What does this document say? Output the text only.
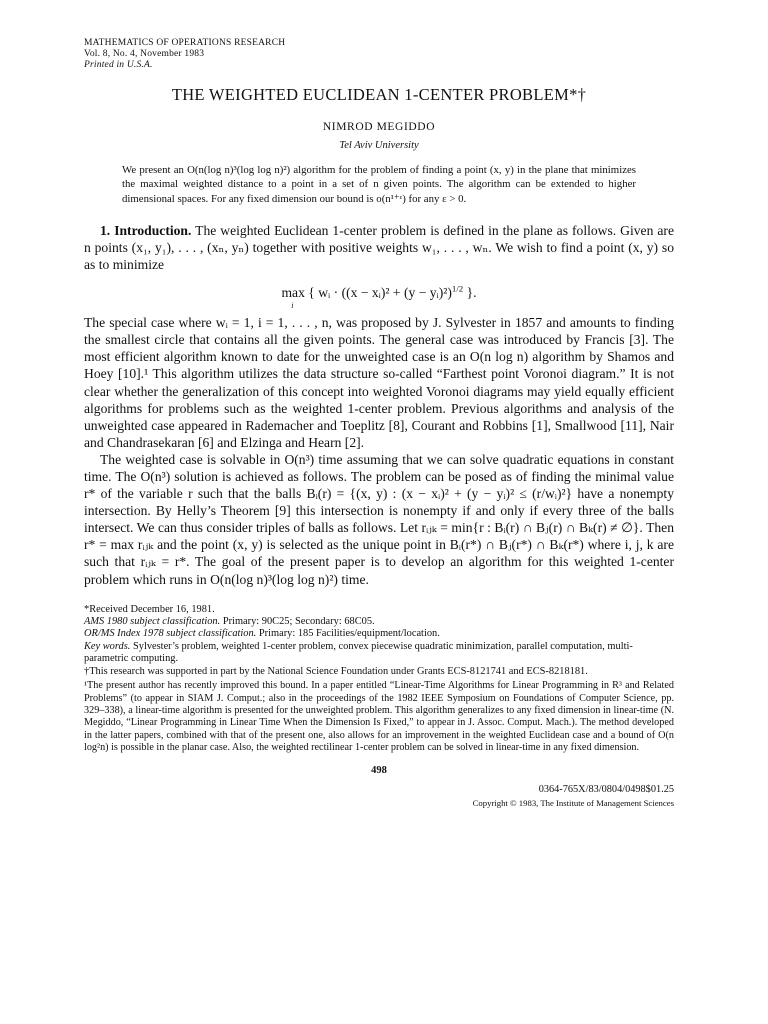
MATHEMATICS OF OPERATIONS RESEARCH
Vol. 8, No. 4, November 1983
Printed in U.S.A.
THE WEIGHTED EUCLIDEAN 1-CENTER PROBLEM*†
NIMROD MEGIDDO
Tel Aviv University
We present an O(n(log n)³(log log n)²) algorithm for the problem of finding a point (x, y) in the plane that minimizes the maximal weighted distance to a point in a set of n given points. The algorithm can be extended to higher dimensional spaces. For any fixed dimension our bound is o(n¹⁺ᵋ) for any ε > 0.

1. Introduction. The weighted Euclidean 1-center problem is defined in the plane as follows. Given are n points (x₁, y₁), . . . , (xₙ, yₙ) together with positive weights w₁, . . . , wₙ. We wish to find a point (x, y) so as to minimize

max
i
{ wᵢ · ((x − xᵢ)² + (y − yᵢ)²)$^{1/2}$ }.

The special case where wᵢ = 1, i = 1, . . . , n, was proposed by J. Sylvester in 1857 and amounts to finding the smallest circle that contains all the given points. The general case was introduced by Francis [3]. The most efficient algorithm known to date for the unweighted case is an O(n log n) algorithm by Shamos and Hoey [10].¹ This algorithm utilizes the data structure so-called “Farthest point Voronoi diagram.” It is not clear whether the generalization of this concept into weighted Voronoi diagrams may yield equally efficient algorithms for problems such as the weighted 1-center problem. Previous algorithms and analysis of the unweighted case appeared in Rademacher and Toeplitz [8], Courant and Robbins [1], Smallwood [11], Nair and Chandrasekaran [6] and Elzinga and Hearn [2].

The weighted case is solvable in O(n³) time assuming that we can solve quadratic equations in constant time. The O(n³) solution is achieved as follows. The problem can be posed as of finding the minimal value r* of the variable r such that the balls Bᵢ(r) = {(x, y) : (x − xᵢ)² + (y − yᵢ)² ≤ (r/wᵢ)²} have a nonempty intersection. By Helly’s Theorem [9] this intersection is nonempty if and only if every three of the balls intersect. We can thus consider triples of balls as follows. Let rᵢⱼₖ = min{r : Bᵢ(r) ∩ Bⱼ(r) ∩ Bₖ(r) ≠ ∅}. Then r* = max rᵢⱼₖ and the point (x, y) is selected as the unique point in Bᵢ(r*) ∩ Bⱼ(r*) ∩ Bₖ(r*) where i, j, k are such that rᵢⱼₖ = r*. The goal of the present paper is to develop an algorithm for this weighted 1-center problem which runs in O(n(log n)³(log log n)²) time.

*Received December 16, 1981.
AMS 1980 subject classification. Primary: 90C25; Secondary: 68C05.
OR/MS Index 1978 subject classification. Primary: 185 Facilities/equipment/location.
Key words. Sylvester’s problem, weighted 1-center problem, convex piecewise quadratic minimization, parallel computation, multi-parametric computing.
†This research was supported in part by the National Science Foundation under Grants ECS-8121741 and ECS-8218181.
¹The present author has recently improved this bound. In a paper entitled “Linear-Time Algorithms for Linear Programming in R³ and Related Problems” (to appear in SIAM J. Comput.; also in the proceedings of the 1982 IEEE Symposium on Foundations of Computer Science, pp. 329–338), a linear-time algorithm is presented for the unweighted problem. This algorithm generalizes to any fixed dimension in linear-time (N. Megiddo, “Linear Programming in Linear Time When the Dimension Is Fixed,” to appear in J. Assoc. Comput. Mach.). The method developed in the latter papers, combined with that of the present one, also allows for an improvement in the weighted Euclidean case and a bound of O(n log²n) is possible in the planar case. Also, the weighted rectilinear 1-center problem can be solved in linear-time in any fixed dimension.
498
0364-765X/83/0804/0498$01.25
Copyright © 1983, The Institute of Management Sciences
